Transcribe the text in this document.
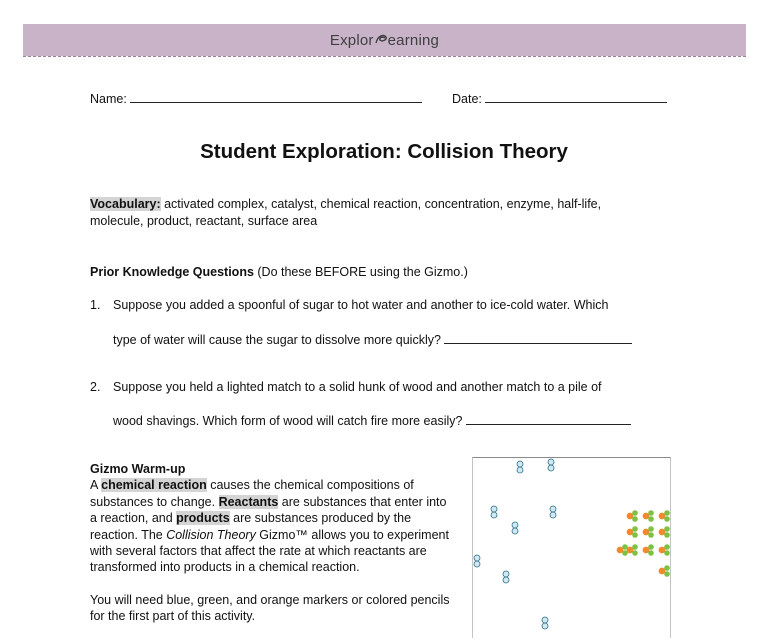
Explor earning
Name:	Date:
Student Exploration: Collision Theory
Vocabulary: activated complex, catalyst, chemical reaction, concentration, enzyme, half-life,
molecule, product, reactant, surface area
Prior Knowledge Questions (Do these BEFORE using the Gizmo.)
1. Suppose you added a spoonful of sugar to hot water and another to ice-cold water. Which
type of water will cause the sugar to dissolve more quickly?
2. Suppose you held a lighted match to a solid hunk of wood and another match to a pile of
wood shavings. Which form of wood will catch fire more easily?
Gizmo Warm-up
A chemical reaction causes the chemical compositions of substances to change. Reactants are substances that enter into a reaction, and products are substances produced by the reaction. The Collision Theory Gizmo™ allows you to experiment with several factors that affect the rate at which reactants are transformed into products in a chemical reaction.
You will need blue, green, and orange markers or colored pencils for the first part of this activity.
